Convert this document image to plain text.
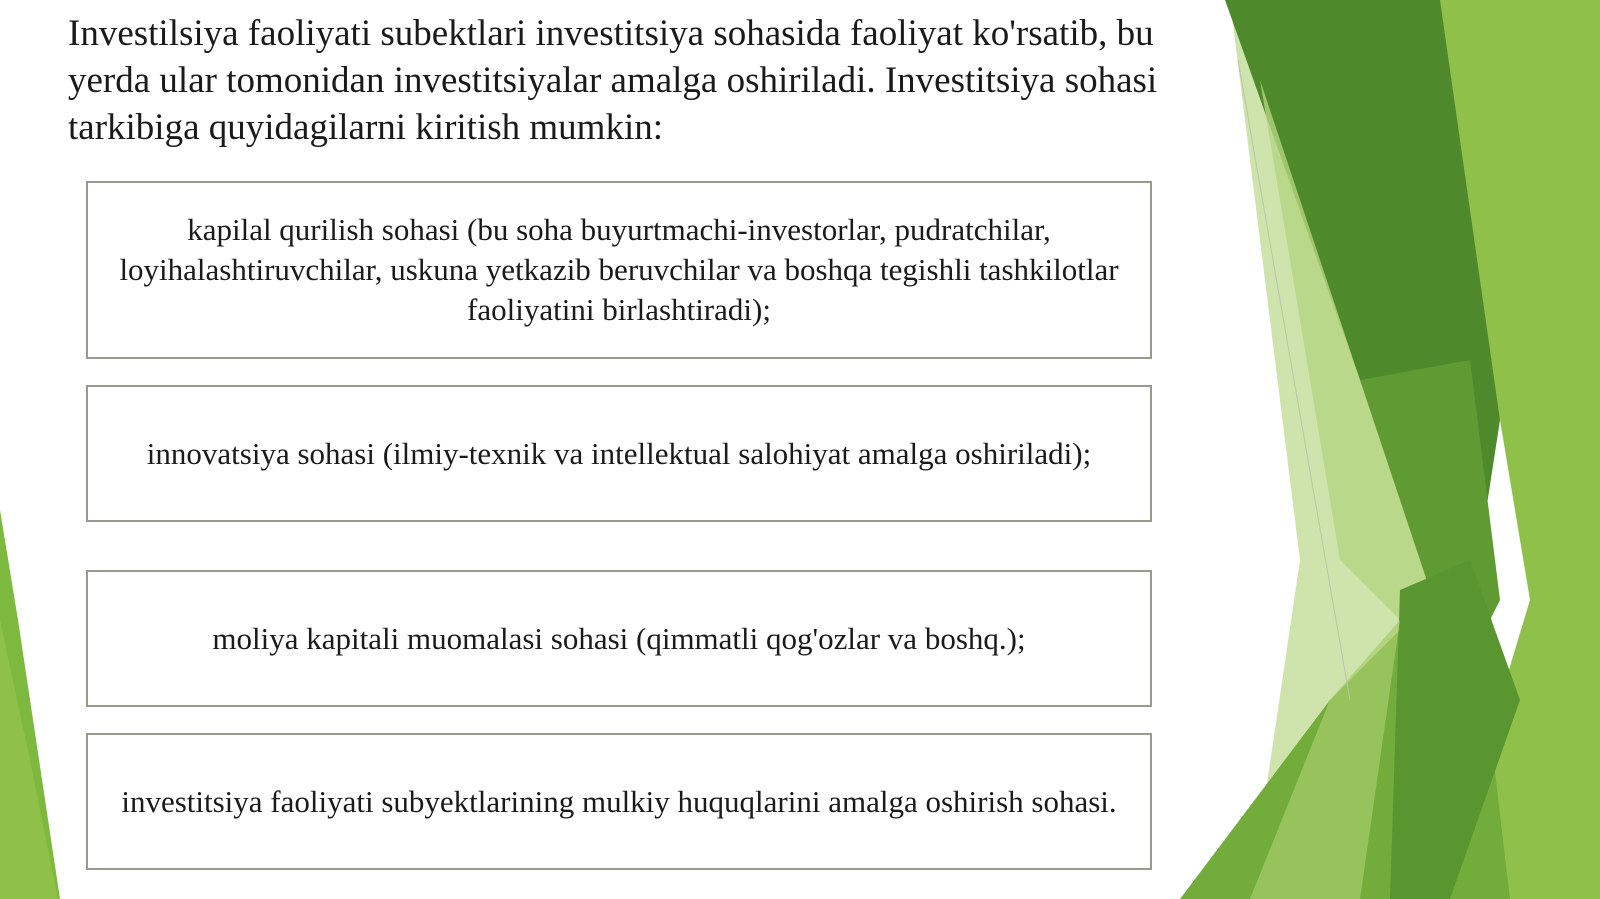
Investilsiya faoliyati subektlari investitsiya sohasida faoliyat ko'rsatib, bu yerda ular tomonidan investitsiyalar amalga oshiriladi. Investitsiya sohasi tarkibiga quyidagilarni kiritish mumkin:
kapilal qurilish sohasi (bu soha buyurtmachi-investorlar, pudratchilar, loyihalashtiruvchilar, uskuna yetkazib beruvchilar va boshqa tegishli tashkilotlar faoliyatini birlashtiradi);
innovatsiya sohasi (ilmiy-texnik va intellektual salohiyat amalga oshiriladi);
moliya kapitali muomalasi sohasi (qimmatli qog'ozlar va boshq.);
investitsiya faoliyati subyektlarining mulkiy huquqlarini amalga oshirish sohasi.
